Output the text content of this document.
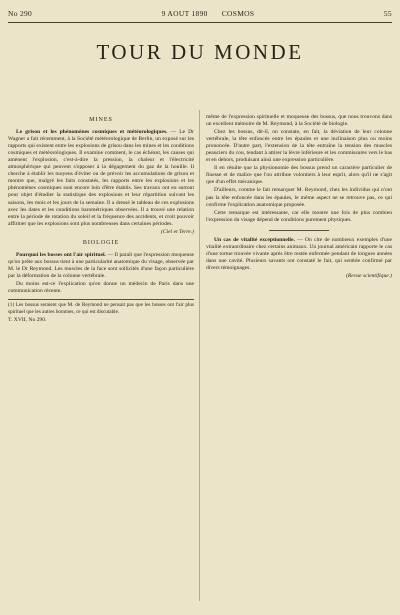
No 290	9 AOUT 1890 COSMOS	55
TOUR DU MONDE
MINES

Le grisou et les phénomènes cosmiques et météorologiques. — Le Dr Wagner a fait récemment, à la Société météorologique de Berlin, un exposé sur les rapports qui existent entre les explosions de grisou dans les mines et les conditions cosmiques et météorologiques. Il examine comment, le cas échéant, les causes qui amènent l'explosion, c'est-à-dire la pression, la chaleur et l'électricité atmosphérique qui peuvent s'opposer à la dégagement du gaz de la houille. Il cherche à établir les moyens d'éviter ou de prévoir les accumulations de grisou et montre que, malgré les faits constatés, les rapports entre les explosions et les phénomènes cosmiques sont encore loin d'être établis. Ses travaux ont eu surtout pour objet d'étudier la statistique des explosions et leur répartition suivant les saisons, les mois et les jours de la semaine. Il a dressé le tableau de ces explosions avec les dates et les conditions barométriques observées. Il a trouvé une relation entre la période de rotation du soleil et la fréquence des accidents, et croit pouvoir affirmer que les explosions sont plus nombreuses dans certaines périodes.

(Ciel et Terre.)
BIOLOGIE

Pourquoi les bosses ont l'air spirituel. — Il paraît que l'expression moqueuse qu'on prête aux bossus tient à une particularité anatomique du visage, observée par M. le Dr Reymond. Les muscles de la face sont sollicités d'une façon particulière par la déformation de la colonne vertébrale.

Du moins est-ce l'explication qu'en donne un médecin de Paris dans une communication récente.

(1) Les bossus seraient que M. de Reymond ne pensait pas que les bosses ont l'air plus spirituel que les autres hommes, ce qui est discutable.
T. XVII, No 290.

même de l'expression spirituelle et moqueuse des bossus, que nous trouvons dans un excellent mémoire de M. Reymond, à la Société de biologie.

Chez les bossus, dit-il, on constate, en fait, la déviation de leur colonne vertébrale, la tête enfoncée entre les épaules et une inclinaison plus ou moins prononcée. D'autre part, l'extension de la tête entraîne la tension des muscles peauciers du cou, tendant à attirer la lèvre inférieure et les commissures vers le bas et en dehors, produisant ainsi une expression particulière.

Il en résulte que la physionomie des bossus prend un caractère particulier de finesse et de malice que l'on attribue volontiers à leur esprit, alors qu'il ne s'agit que d'un effet mécanique.

D'ailleurs, comme le fait remarquer M. Reymond, chez les individus qui n'ont pas la tête enfoncée dans les épaules, le même aspect ne se retrouve pas, ce qui confirme l'explication anatomique proposée.

Cette remarque est intéressante, car elle montre une fois de plus combien l'expression du visage dépend de conditions purement physiques.

Un cas de vitalité exceptionnelle. — On cite de nombreux exemples d'une vitalité extraordinaire chez certains animaux. Un journal américain rapporte le cas d'une tortue trouvée vivante après être restée enfermée pendant de longues années dans une cavité. Plusieurs savants ont constaté le fait, qui semble confirmé par divers témoignages.

(Revue scientifique.)
